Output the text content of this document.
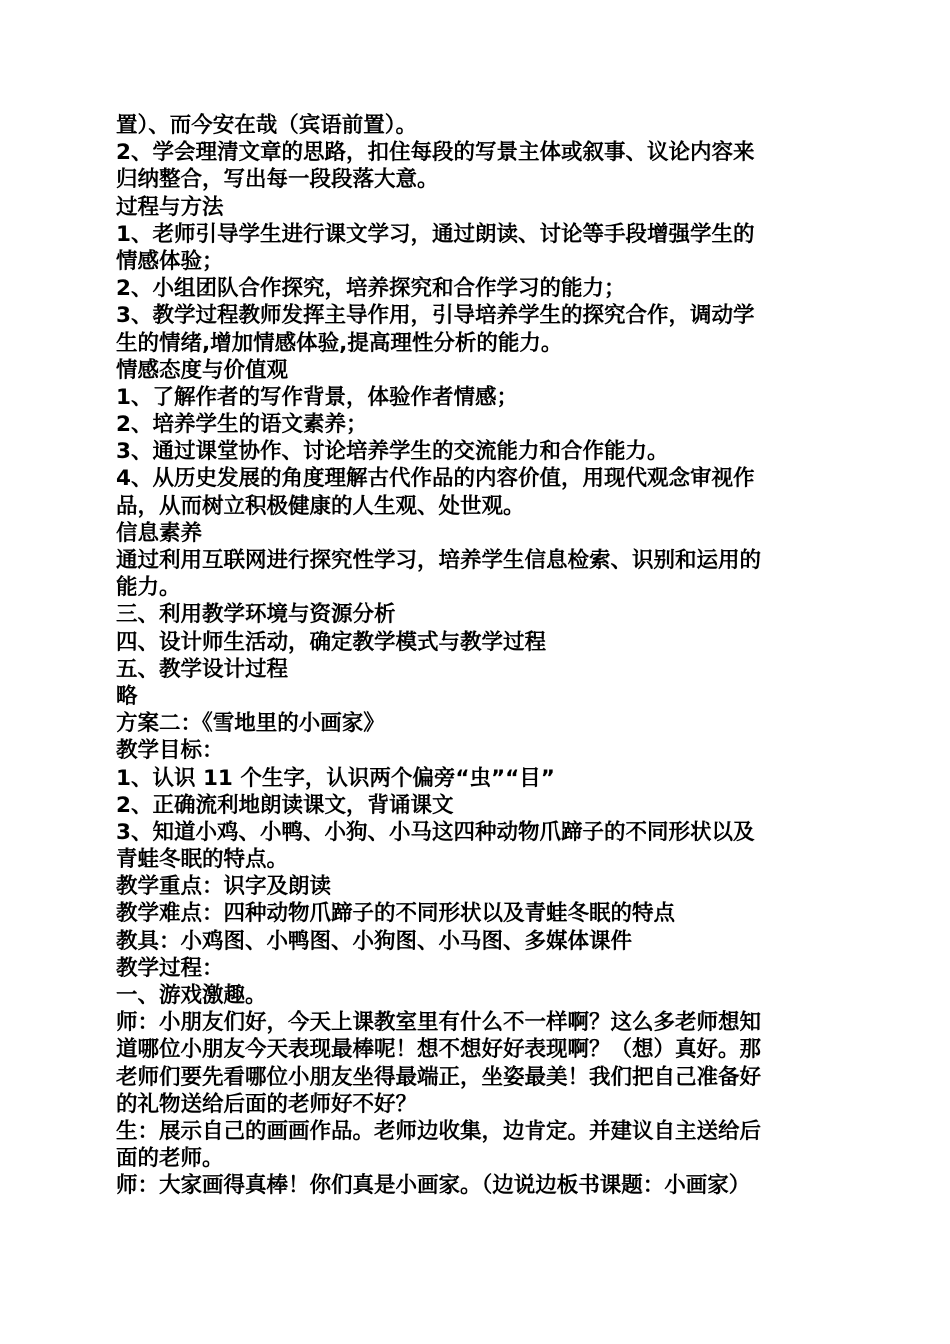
置）、而今安在哉（宾语前置）。
2、学会理清文章的思路，扣住每段的写景主体或叙事、议论内容来
归纳整合，写出每一段段落大意。
过程与方法
1、老师引导学生进行课文学习，通过朗读、讨论等手段增强学生的
情感体验；
2、小组团队合作探究，培养探究和合作学习的能力；
3、教学过程教师发挥主导作用，引导培养学生的探究合作，调动学
生的情绪,增加情感体验,提高理性分析的能力。
情感态度与价值观
1、了解作者的写作背景，体验作者情感；
2、培养学生的语文素养；
3、通过课堂协作、讨论培养学生的交流能力和合作能力。
4、从历史发展的角度理解古代作品的内容价值，用现代观念审视作
品，从而树立积极健康的人生观、处世观。
信息素养
通过利用互联网进行探究性学习，培养学生信息检索、识别和运用的
能力。
三、利用教学环境与资源分析
四、设计师生活动，确定教学模式与教学过程
五、教学设计过程
略
方案二：《雪地里的小画家》
教学目标：
1、认识 11 个生字，认识两个偏旁“虫”“目”
2、正确流利地朗读课文，背诵课文
3、知道小鸡、小鸭、小狗、小马这四种动物爪蹄子的不同形状以及
青蛙冬眠的特点。
教学重点：识字及朗读
教学难点：四种动物爪蹄子的不同形状以及青蛙冬眠的特点
教具：小鸡图、小鸭图、小狗图、小马图、多媒体课件
教学过程：
一、游戏激趣。
师：小朋友们好，今天上课教室里有什么不一样啊？这么多老师想知
道哪位小朋友今天表现最棒呢！想不想好好表现啊？（想）真好。那
老师们要先看哪位小朋友坐得最端正，坐姿最美！我们把自己准备好
的礼物送给后面的老师好不好？
生：展示自己的画画作品。老师边收集，边肯定。并建议自主送给后
面的老师。
师：大家画得真棒！你们真是小画家。（边说边板书课题：小画家）
